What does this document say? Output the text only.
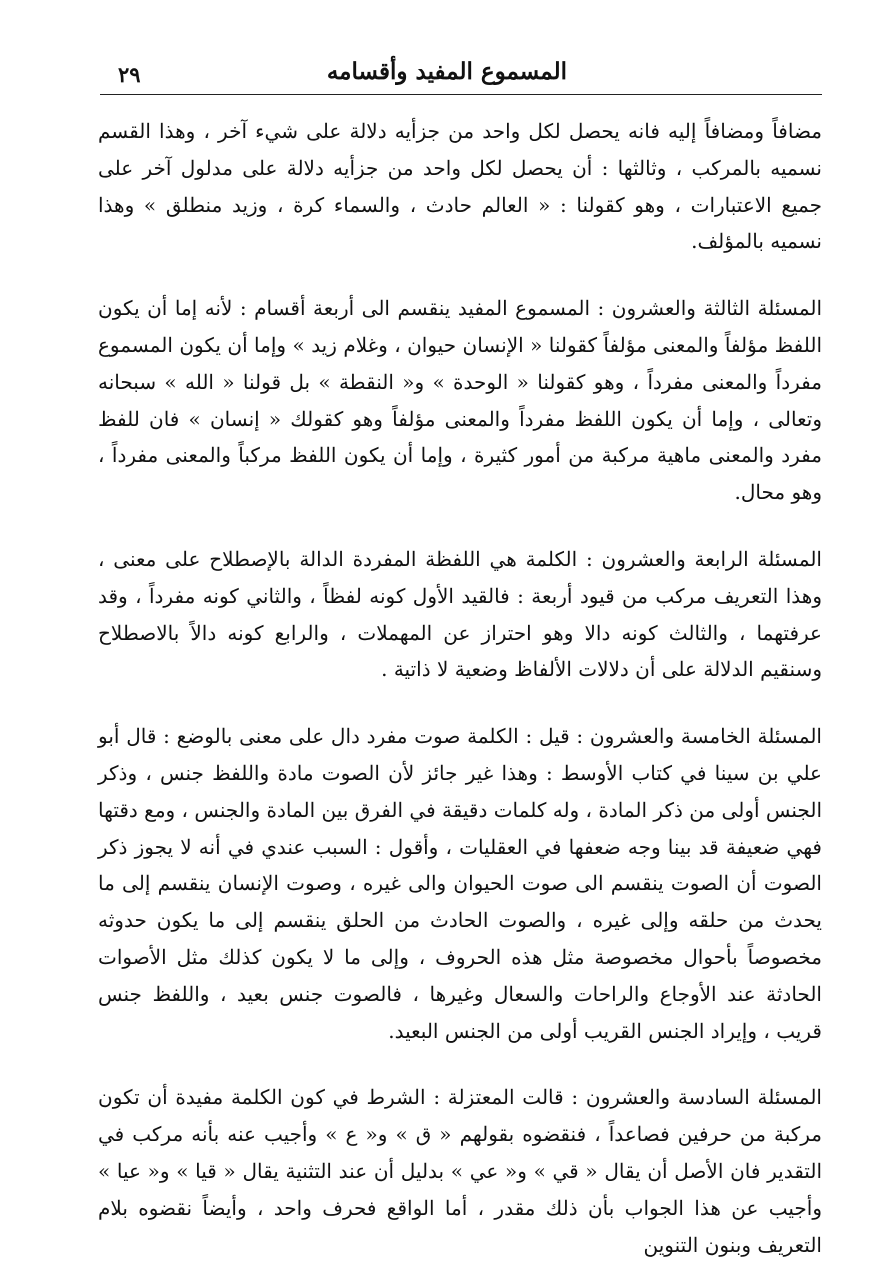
المسموع المفيد وأقسامه
٢٩

مضافاً ومضافاً إليه فانه يحصل لكل واحد من جزأيه دلالة على شيء آخر ، وهذا القسم نسميه بالمركب ، وثالثها : أن يحصل لكل واحد من جزأيه دلالة على مدلول آخر على جميع الاعتبارات ، وهو كقولنا : « العالم حادث ، والسماء كرة ، وزيد منطلق » وهذا نسميه بالمؤلف.

المسئلة الثالثة والعشرون : المسموع المفيد ينقسم الى أربعة أقسام : لأنه إما أن يكون اللفظ مؤلفاً والمعنى مؤلفاً كقولنا « الإنسان حيوان ، وغلام زيد » وإما أن يكون المسموع مفرداً والمعنى مفرداً ، وهو كقولنا « الوحدة » و« النقطة » بل قولنا « الله » سبحانه وتعالى ، وإما أن يكون اللفظ مفرداً والمعنى مؤلفاً وهو كقولك « إنسان » فان للفظ مفرد والمعنى ماهية مركبة من أمور كثيرة ، وإما أن يكون اللفظ مركباً والمعنى مفرداً ، وهو محال.

المسئلة الرابعة والعشرون : الكلمة هي اللفظة المفردة الدالة بالإصطلاح على معنى ، وهذا التعريف مركب من قيود أربعة : فالقيد الأول كونه لفظاً ، والثاني كونه مفرداً ، وقد عرفتهما ، والثالث كونه دالا وهو احتراز عن المهملات ، والرابع كونه دالاً بالاصطلاح وسنقيم الدلالة على أن دلالات الألفاظ وضعية لا ذاتية .

المسئلة الخامسة والعشرون : قيل : الكلمة صوت مفرد دال على معنى بالوضع : قال أبو علي بن سينا في كتاب الأوسط : وهذا غير جائز لأن الصوت مادة واللفظ جنس ، وذكر الجنس أولى من ذكر المادة ، وله كلمات دقيقة في الفرق بين المادة والجنس ، ومع دقتها فهي ضعيفة قد بينا وجه ضعفها في العقليات ، وأقول : السبب عندي في أنه لا يجوز ذكر الصوت أن الصوت ينقسم الى صوت الحيوان والى غيره ، وصوت الإنسان ينقسم إلى ما يحدث من حلقه وإلى غيره ، والصوت الحادث من الحلق ينقسم إلى ما يكون حدوثه مخصوصاً بأحوال مخصوصة مثل هذه الحروف ، وإلى ما لا يكون كذلك مثل الأصوات الحادثة عند الأوجاع والراحات والسعال وغيرها ، فالصوت جنس بعيد ، واللفظ جنس قريب ، وإيراد الجنس القريب أولى من الجنس البعيد.

المسئلة السادسة والعشرون : قالت المعتزلة : الشرط في كون الكلمة مفيدة أن تكون مركبة من حرفين فصاعداً ، فنقضوه بقولهم « ق » و« ع » وأجيب عنه بأنه مركب في التقدير فان الأصل أن يقال « قي » و« عي » بدليل أن عند التثنية يقال « قيا » و« عيا » وأجيب عن هذا الجواب بأن ذلك مقدر ، أما الواقع فحرف واحد ، وأيضاً نقضوه بلام التعريف وبنون التنوين
